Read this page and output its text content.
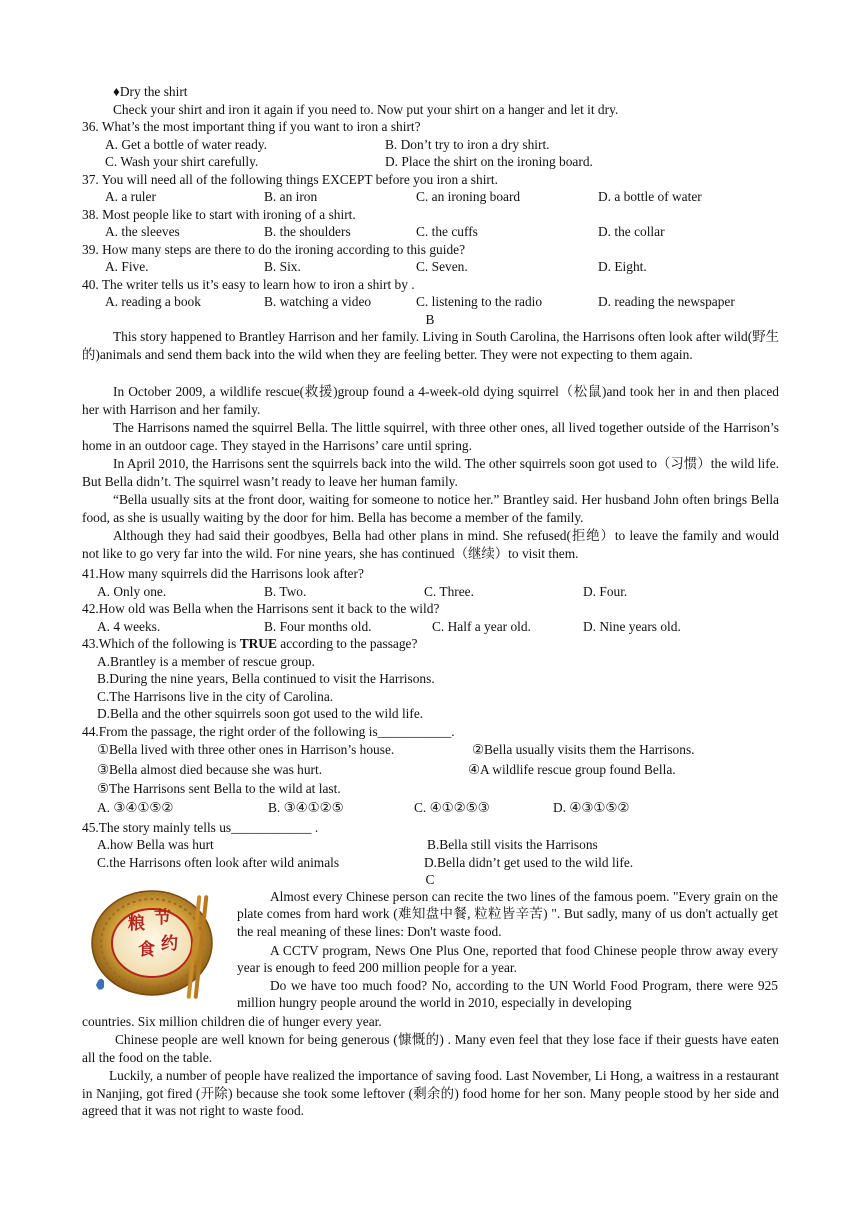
♦Dry the shirt
Check your shirt and iron it again if you need to. Now put your shirt on a hanger and let it dry.
36. What’s the most important thing if you want to iron a shirt?
A. Get a bottle of water ready.	B. Don’t try to iron a dry shirt.
C. Wash your shirt carefully.	D. Place the shirt on the ironing board.
37. You will need all of the following things EXCEPT before you iron a shirt.
A. a ruler	B. an iron	C. an ironing board	D. a bottle of water
38. Most people like to start with ironing of a shirt.
A. the sleeves	B. the shoulders	C. the cuffs	D. the collar
39. How many steps are there to do the ironing according to this guide?
A. Five.	B. Six.	C. Seven.	D. Eight.
40. The writer tells us it’s easy to learn how to iron a shirt by .
A. reading a book	B. watching a video	C. listening to the radio	D. reading the newspaper
B
This story happened to Brantley Harrison and her family. Living in South Carolina, the Harrisons often look after wild(野生的)animals and send them back into the wild when they are feeling better. They were not expecting to them again.
In October 2009, a wildlife rescue(救援)group found a 4-week-old dying squirrel（松鼠)and took her in and then placed her with Harrison and her family.
The Harrisons named the squirrel Bella. The little squirrel, with three other ones, all lived together outside of the Harrison’s home in an outdoor cage. They stayed in the Harrisons’ care until spring.
In April 2010, the Harrisons sent the squirrels back into the wild. The other squirrels soon got used to（习惯）the wild life. But Bella didn’t. The squirrel wasn’t ready to leave her human family.
“Bella usually sits at the front door, waiting for someone to notice her.” Brantley said. Her husband John often brings Bella food, as she is usually waiting by the door for him. Bella has become a member of the family.
Although they had said their goodbyes, Bella had other plans in mind. She refused(拒绝）to leave the family and would not like to go very far into the wild. For nine years, she has continued（继续）to visit them.
41.How many squirrels did the Harrisons look after?
A. Only one.	B. Two.	C. Three.	D. Four.
42.How old was Bella when the Harrisons sent it back to the wild?
A. 4 weeks.	B. Four months old.	C. Half a year old.	D. Nine years old.
43.Which of the following is TRUE according to the passage?
A.Brantley is a member of rescue group.
B.During the nine years, Bella continued to visit the Harrisons.
C.The Harrisons live in the city of Carolina.
D.Bella and the other squirrels soon got used to the wild life.
44.From the passage, the right order of the following is___________.
①Bella lived with three other ones in Harrison’s house.	②Bella usually visits them the Harrisons.
③Bella almost died because she was hurt.	④A wildlife rescue group found Bella.
⑤The Harrisons sent Bella to the wild at last.
A. ③④①⑤②	B. ③④①②⑤	C. ④①②⑤③	D. ④③①⑤②
45.The story mainly tells us____________ .
A.how Bella was hurt	B.Bella still visits the Harrisons
C.the Harrisons often look after wild animals	D.Bella didn’t get used to the wild life.
C
粮 节
食 约
Almost every Chinese person can recite the two lines of the famous poem. "Every grain on the plate comes from hard work (难知盘中餐, 粒粒皆辛苦) ". But sadly, many of us don't actually get the real meaning of these lines: Don't waste food.
A CCTV program, News One Plus One, reported that food Chinese people throw away every year is enough to feed 200 million people for a year.
Do we have too much food? No, according to the UN World Food Program, there were 925 million hungry people around the world in 2010, especially in developing
countries. Six million children die of hunger every year.
Chinese people are well known for being generous (慷慨的) . Many even feel that they lose face if their guests have eaten all the food on the table.
Luckily, a number of people have realized the importance of saving food. Last November, Li Hong, a waitress in a restaurant in Nanjing, got fired (开除) because she took some leftover (剩余的) food home for her son. Many people stood by her side and agreed that it was not right to waste food.
